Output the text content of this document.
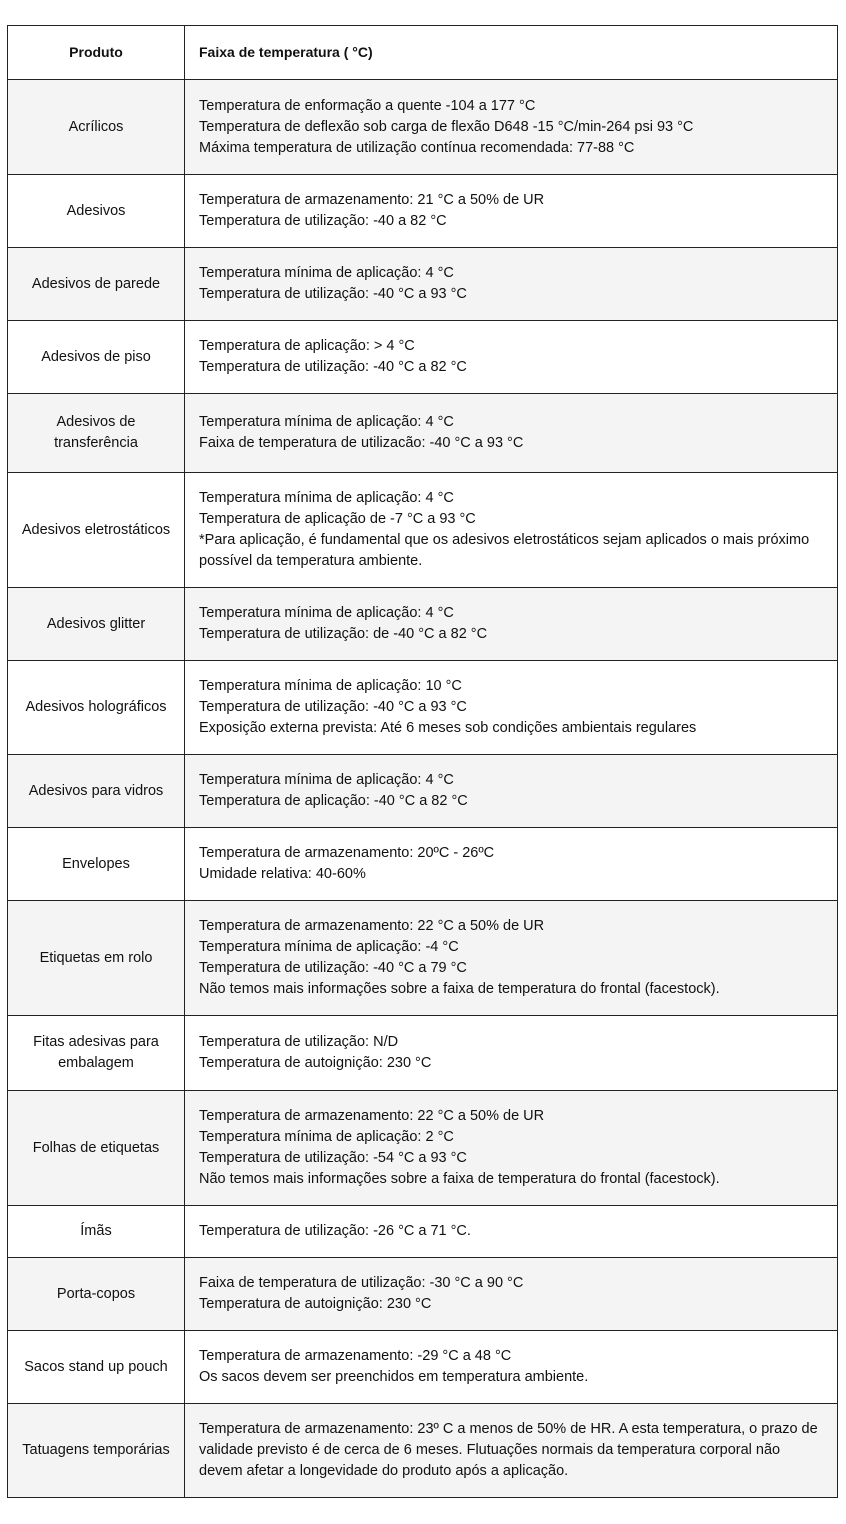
Produto	Faixa de temperatura ( °C)
Acrílicos	Temperatura de enformação a quente -104 a 177 °C
Temperatura de deflexão sob carga de flexão D648 -15 °C/min-264 psi 93 °C
Máxima temperatura de utilização contínua recomendada: 77-88 °C

Adesivos	Temperatura de armazenamento: 21 °C a 50% de UR
Temperatura de utilização: -40 a 82 °C

Adesivos de parede	Temperatura mínima de aplicação: 4 °C
Temperatura de utilização: -40 °C a 93 °C

Adesivos de piso	Temperatura de aplicação: > 4 °C
Temperatura de utilização: -40 °C a 82 °C

Adesivos de transferência	Temperatura mínima de aplicação: 4 °C
Faixa de temperatura de utilizacão: -40 °C a 93 °C

Adesivos eletrostáticos	Temperatura mínima de aplicação: 4 °C
Temperatura de aplicação de -7 °C a 93 °C
*Para aplicação, é fundamental que os adesivos eletrostáticos sejam aplicados o mais próximo possível da temperatura ambiente.

Adesivos glitter	Temperatura mínima de aplicação: 4 °C
Temperatura de utilização: de -40 °C a 82 °C

Adesivos holográficos	Temperatura mínima de aplicação: 10 °C
Temperatura de utilização: -40 °C a 93 °C
Exposição externa prevista: Até 6 meses sob condições ambientais regulares

Adesivos para vidros	Temperatura mínima de aplicação: 4 °C
Temperatura de aplicação: -40 °C a 82 °C

Envelopes	Temperatura de armazenamento: 20ºC - 26ºC
Umidade relativa: 40-60%

Etiquetas em rolo	Temperatura de armazenamento: 22 °C a 50% de UR
Temperatura mínima de aplicação: -4 °C
Temperatura de utilização: -40 °C a 79 °C
Não temos mais informações sobre a faixa de temperatura do frontal (facestock).

Fitas adesivas para embalagem	Temperatura de utilização: N/D
Temperatura de autoignição: 230 °C

Folhas de etiquetas	Temperatura de armazenamento: 22 °C a 50% de UR
Temperatura mínima de aplicação: 2 °C
Temperatura de utilização: -54 °C a 93 °C
Não temos mais informações sobre a faixa de temperatura do frontal (facestock).

Ímãs	Temperatura de utilização: -26 °C a 71 °C.

Porta-copos	Faixa de temperatura de utilização: -30 °C a 90 °C
Temperatura de autoignição: 230 °C

Sacos stand up pouch	Temperatura de armazenamento: -29 °C a 48 °C
Os sacos devem ser preenchidos em temperatura ambiente.

Tatuagens temporárias	Temperatura de armazenamento: 23º C a menos de 50% de HR. A esta temperatura, o prazo de validade previsto é de cerca de 6 meses. Flutuações normais da temperatura corporal não devem afetar a longevidade do produto após a aplicação.
